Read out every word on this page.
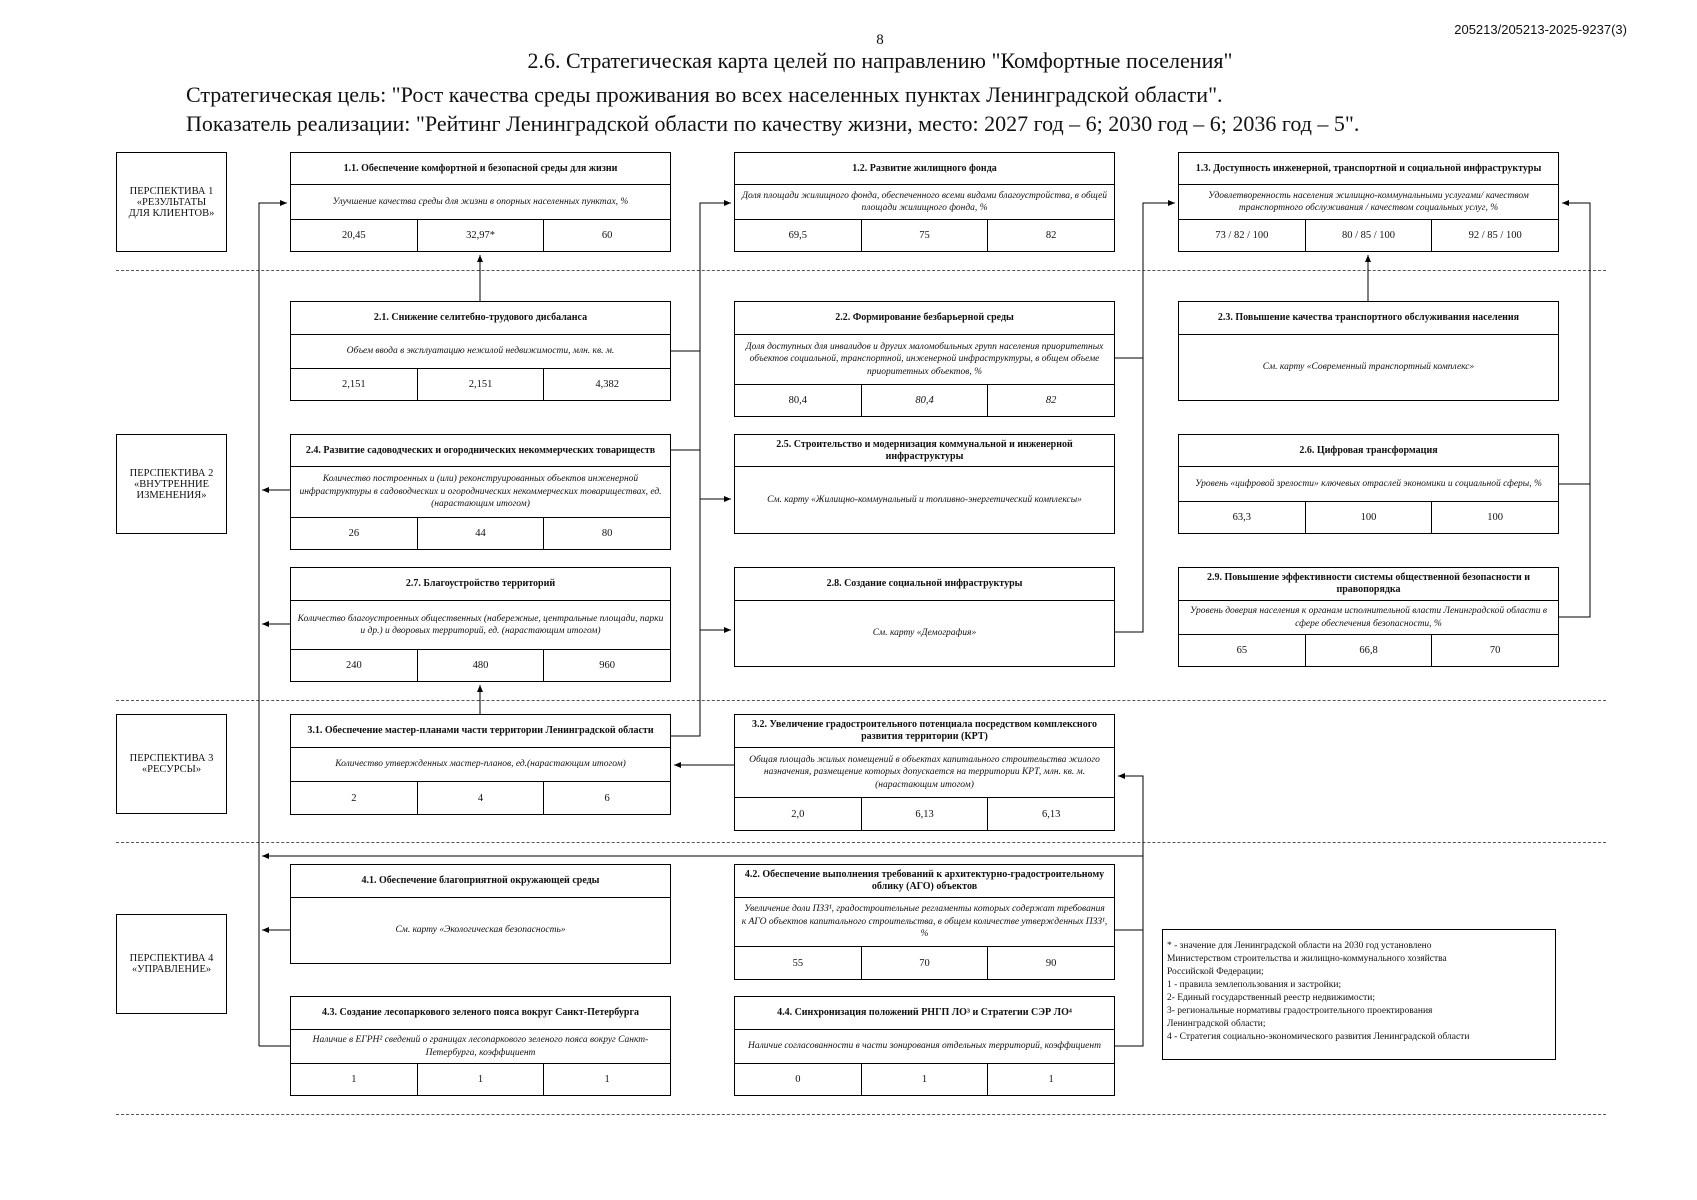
8
205213/205213-2025-9237(3)
2.6. Стратегическая карта целей по направлению "Комфортные поселения"
Стратегическая цель: "Рост качества среды проживания во всех населенных пунктах Ленинградской области".
Показатель реализации: "Рейтинг Ленинградской области по качеству жизни, место: 2027 год – 6; 2030 год – 6; 2036 год – 5".
ПЕРСПЕКТИВА 1
«РЕЗУЛЬТАТЫ
ДЛЯ КЛИЕНТОВ»
ПЕРСПЕКТИВА 2
«ВНУТРЕННИЕ
ИЗМЕНЕНИЯ»
ПЕРСПЕКТИВА 3
«РЕСУРСЫ»
ПЕРСПЕКТИВА 4
«УПРАВЛЕНИЕ»
1.1. Обеспечение комфортной и безопасной среды для жизни
Улучшение качества среды для жизни в опорных населенных пунктах, %
20,45	32,97*	60
1.2. Развитие жилищного фонда
Доля площади жилищного фонда, обеспеченного всеми видами благоустройства, в общей площади жилищного фонда, %
69,5	75	82
1.3. Доступность инженерной, транспортной и социальной инфраструктуры
Удовлетворенность населения жилищно-коммунальными услугами/ качеством транспортного обслуживания / качеством социальных услуг, %
73 / 82 / 100	80 / 85 / 100	92 / 85 / 100
2.1. Снижение селитебно-трудового дисбаланса
Объем ввода в эксплуатацию нежилой недвижимости, млн. кв. м.
2,151	2,151	4,382
2.2. Формирование безбарьерной среды
Доля доступных для инвалидов и других маломобильных групп населения приоритетных объектов социальной, транспортной, инженерной инфраструктуры, в общем объеме приоритетных объектов, %
80,4	80,4	82
2.3. Повышение качества транспортного обслуживания населения
См. карту «Современный транспортный комплекс»
2.4. Развитие садоводческих и огороднических некоммерческих товариществ
Количество построенных и (или) реконструированных объектов инженерной инфраструктуры в садоводческих и огороднических некоммерческих товариществах, ед. (нарастающим итогом)
26	44	80
2.5. Строительство и модернизация коммунальной и инженерной инфраструктуры
См. карту «Жилищно-коммунальный и топливно-энергетический комплексы»
2.6. Цифровая трансформация
Уровень «цифровой зрелости» ключевых отраслей экономики и социальной сферы, %
63,3	100	100
2.7. Благоустройство территорий
Количество благоустроенных общественных (набережные, центральные площади, парки и др.) и дворовых территорий, ед. (нарастающим итогом)
240	480	960
2.8. Создание социальной инфраструктуры
См. карту «Демография»
2.9. Повышение эффективности системы общественной безопасности и правопорядка
Уровень доверия населения к органам исполнительной власти Ленинградской области в сфере обеспечения безопасности, %
65	66,8	70
3.1. Обеспечение мастер-планами части территории Ленинградской области
Количество утвержденных мастер-планов, ед.(нарастающим итогом)
2	4	6
3.2. Увеличение градостроительного потенциала посредством комплексного развития территории (КРТ)
Общая площадь жилых помещений в объектах капитального строительства жилого назначения, размещение которых допускается на территории КРТ, млн. кв. м. (нарастающим итогом)
2,0	6,13	6,13
4.1. Обеспечение благоприятной окружающей среды
См. карту «Экологическая безопасность»
4.2. Обеспечение выполнения требований к архитектурно-градостроительному облику (АГО) объектов
Увеличение доли ПЗЗ¹, градостроительные регламенты которых содержат требования к АГО объектов капитального строительства, в общем количестве утвержденных ПЗЗ¹, %
55	70	90
4.3. Создание лесопаркового зеленого пояса вокруг Санкт-Петербурга
Наличие в ЕГРН² сведений о границах лесопаркового зеленого пояса вокруг Санкт-Петербурга, коэффициент
1	1	1
4.4. Синхронизация положений РНГП ЛО³ и Стратегии СЭР ЛО⁴
Наличие согласованности в части зонирования отдельных территорий, коэффициент
0	1	1
* - значение для Ленинградской области на 2030 год установлено
Министерством строительства и жилищно-коммунального хозяйства
Российской Федерации;
1 - правила землепользования и застройки;
2- Единый государственный реестр недвижимости;
3- региональные нормативы градостроительного проектирования
Ленинградской области;
4 - Стратегия социально-экономического развития Ленинградской области
